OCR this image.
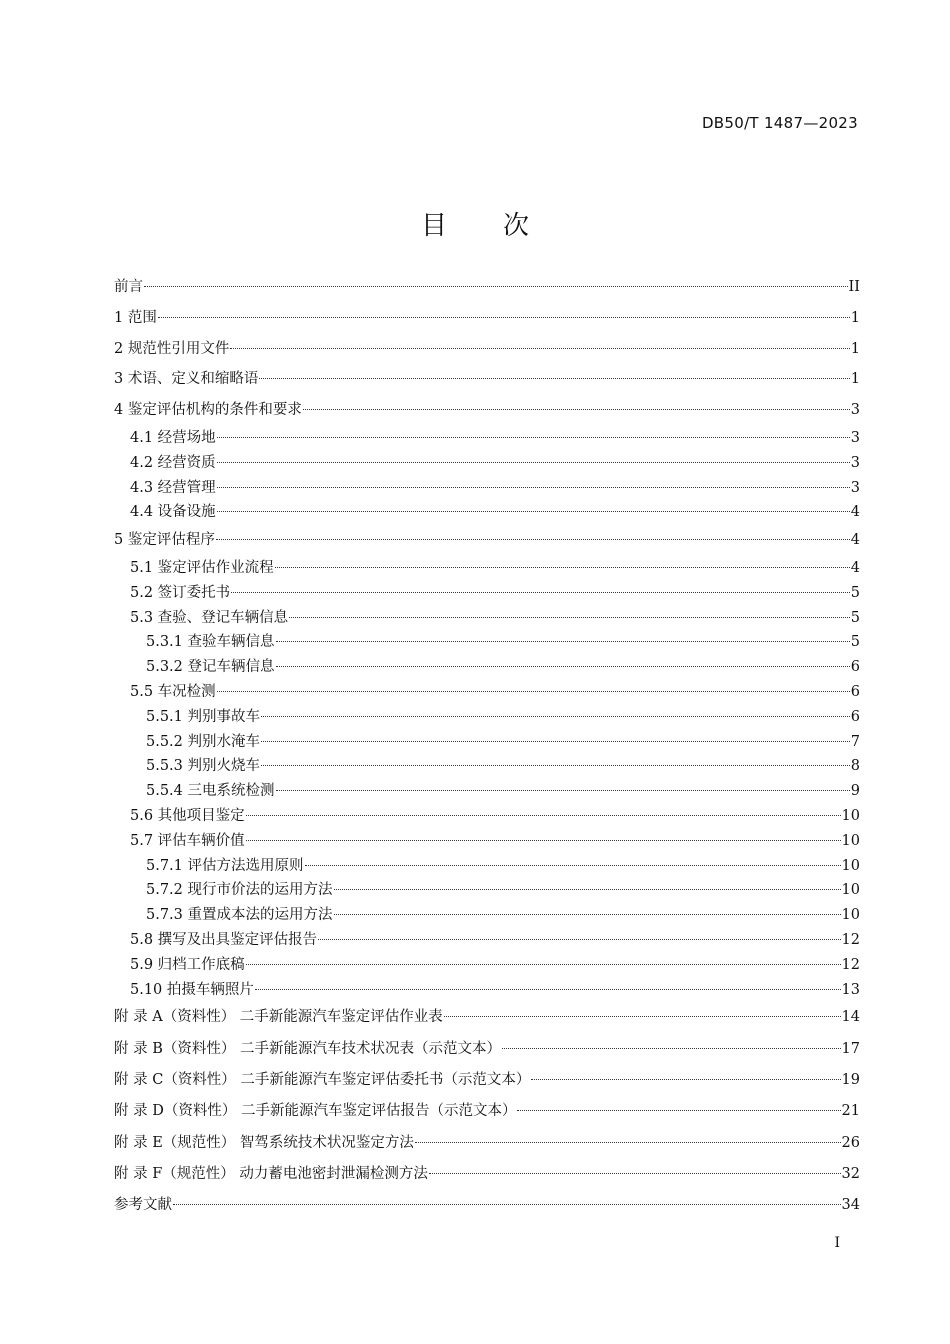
DB50/T 1487—2023
目 次
前言	II
1 范围	1
2 规范性引用文件	1
3 术语、定义和缩略语	1
4 鉴定评估机构的条件和要求	3
4.1 经营场地	3
4.2 经营资质	3
4.3 经营管理	3
4.4 设备设施	4
5 鉴定评估程序	4
5.1 鉴定评估作业流程	4
5.2 签订委托书	5
5.3 查验、登记车辆信息	5
5.3.1 查验车辆信息	5
5.3.2 登记车辆信息	6
5.5 车况检测	6
5.5.1 判别事故车	6
5.5.2 判别水淹车	7
5.5.3 判别火烧车	8
5.5.4 三电系统检测	9
5.6 其他项目鉴定	10
5.7 评估车辆价值	10
5.7.1 评估方法选用原则	10
5.7.2 现行市价法的运用方法	10
5.7.3 重置成本法的运用方法	10
5.8 撰写及出具鉴定评估报告	12
5.9 归档工作底稿	12
5.10 拍摄车辆照片	13
附 录 A（资料性） 二手新能源汽车鉴定评估作业表	14
附 录 B（资料性） 二手新能源汽车技术状况表（示范文本）	17
附 录 C（资料性） 二手新能源汽车鉴定评估委托书（示范文本）	19
附 录 D（资料性） 二手新能源汽车鉴定评估报告（示范文本）	21
附 录 E（规范性） 智驾系统技术状况鉴定方法	26
附 录 F（规范性） 动力蓄电池密封泄漏检测方法	32
参考文献	34
I
